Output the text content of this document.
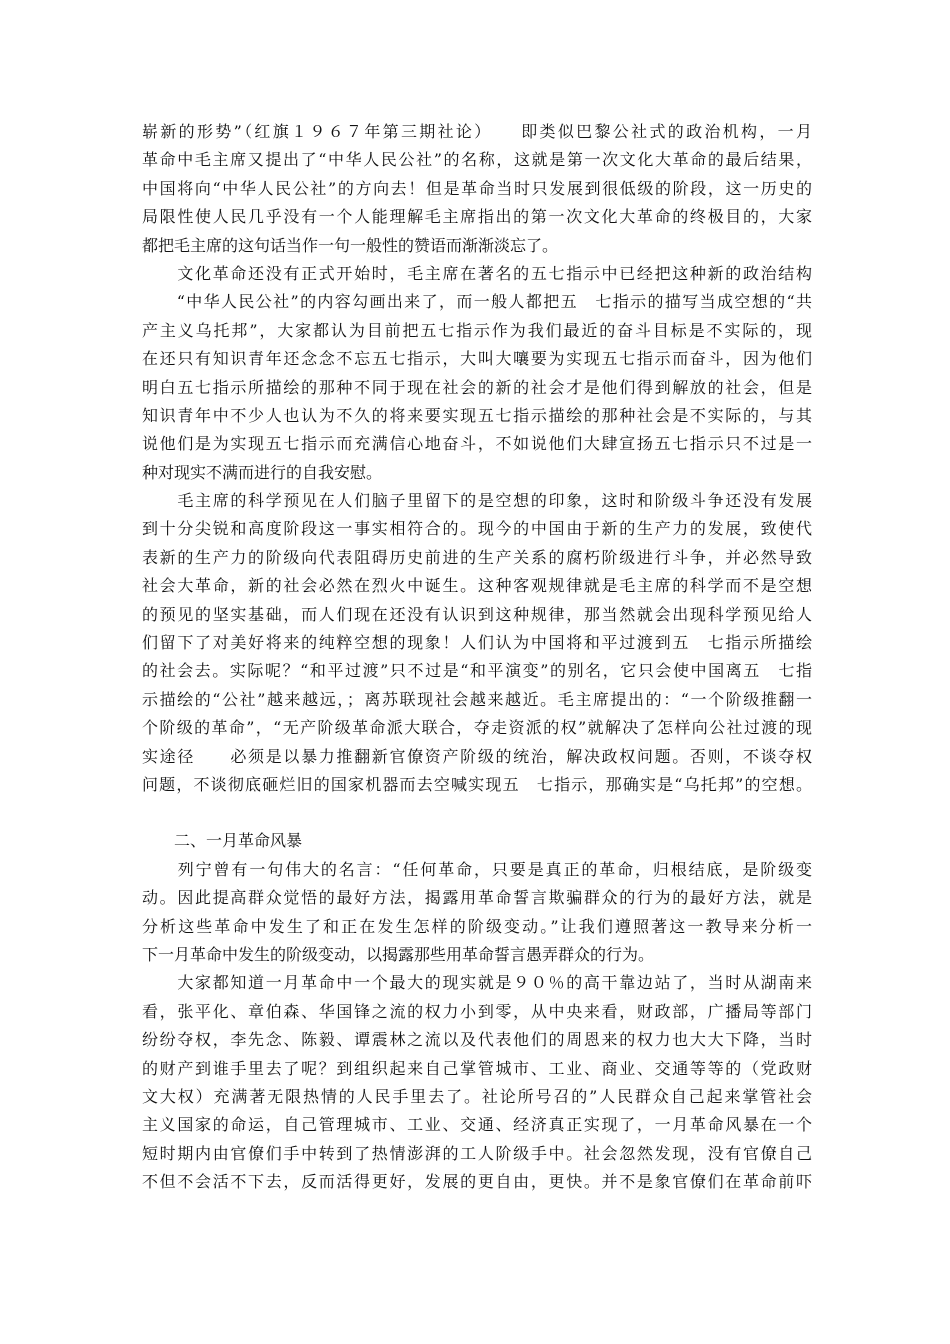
崭新的形势”（红旗１９６７年第三期社论）　　即类似巴黎公社式的政治机构，一月
革命中毛主席又提出了“中华人民公社”的名称，这就是第一次文化大革命的最后结果，
中国将向“中华人民公社”的方向去！但是革命当时只发展到很低级的阶段，这一历史的
局限性使人民几乎没有一个人能理解毛主席指出的第一次文化大革命的终极目的，大家
都把毛主席的这句话当作一句一般性的赞语而渐渐淡忘了。
　　文化革命还没有正式开始时，毛主席在著名的五七指示中已经把这种新的政治结构
　　“中华人民公社”的内容勾画出来了，而一般人都把五　七指示的描写当成空想的“共
产主义乌托邦”，大家都认为目前把五七指示作为我们最近的奋斗目标是不实际的，现
在还只有知识青年还念念不忘五七指示，大叫大嚷要为实现五七指示而奋斗，因为他们
明白五七指示所描绘的那种不同于现在社会的新的社会才是他们得到解放的社会，但是
知识青年中不少人也认为不久的将来要实现五七指示描绘的那种社会是不实际的，与其
说他们是为实现五七指示而充满信心地奋斗，不如说他们大肆宣扬五七指示只不过是一
种对现实不满而进行的自我安慰。
　　毛主席的科学预见在人们脑子里留下的是空想的印象，这时和阶级斗争还没有发展
到十分尖锐和高度阶段这一事实相符合的。现今的中国由于新的生产力的发展，致使代
表新的生产力的阶级向代表阻碍历史前进的生产关系的腐朽阶级进行斗争，并必然导致
社会大革命，新的社会必然在烈火中诞生。这种客观规律就是毛主席的科学而不是空想
的预见的坚实基础，而人们现在还没有认识到这种规律，那当然就会出现科学预见给人
们留下了对美好将来的纯粹空想的现象！人们认为中国将和平过渡到五　七指示所描绘
的社会去。实际呢？“和平过渡”只不过是“和平演变”的别名，它只会使中国离五　七指
示描绘的“公社”越来越远，；离苏联现社会越来越近。毛主席提出的：“一个阶级推翻一
个阶级的革命”，“无产阶级革命派大联合，夺走资派的权”就解决了怎样向公社过渡的现
实途径　　必须是以暴力推翻新官僚资产阶级的统治，解决政权问题。否则，不谈夺权
问题，不谈彻底砸烂旧的国家机器而去空喊实现五　七指示，那确实是“乌托邦”的空想。
　　二、一月革命风暴
　　列宁曾有一句伟大的名言：“任何革命，只要是真正的革命，归根结底，是阶级变
动。因此提高群众觉悟的最好方法，揭露用革命誓言欺骗群众的行为的最好方法，就是
分析这些革命中发生了和正在发生怎样的阶级变动。”让我们遵照著这一教导来分析一
下一月革命中发生的阶级变动，以揭露那些用革命誓言愚弄群众的行为。
　　大家都知道一月革命中一个最大的现实就是９０％的高干靠边站了，当时从湖南来
看，张平化、章伯森、华国锋之流的权力小到零，从中央来看，财政部，广播局等部门
纷纷夺权，李先念、陈毅、谭震林之流以及代表他们的周恩来的权力也大大下降，当时
的财产到谁手里去了呢？到组织起来自己掌管城市、工业、商业、交通等等的（党政财
文大权）充满著无限热情的人民手里去了。社论所号召的”人民群众自己起来掌管社会
主义国家的命运，自己管理城市、工业、交通、经济真正实现了，一月革命风暴在一个
短时期内由官僚们手中转到了热情澎湃的工人阶级手中。社会忽然发现，没有官僚自己
不但不会活不下去，反而活得更好，发展的更自由，更快。并不是象官僚们在革命前吓
